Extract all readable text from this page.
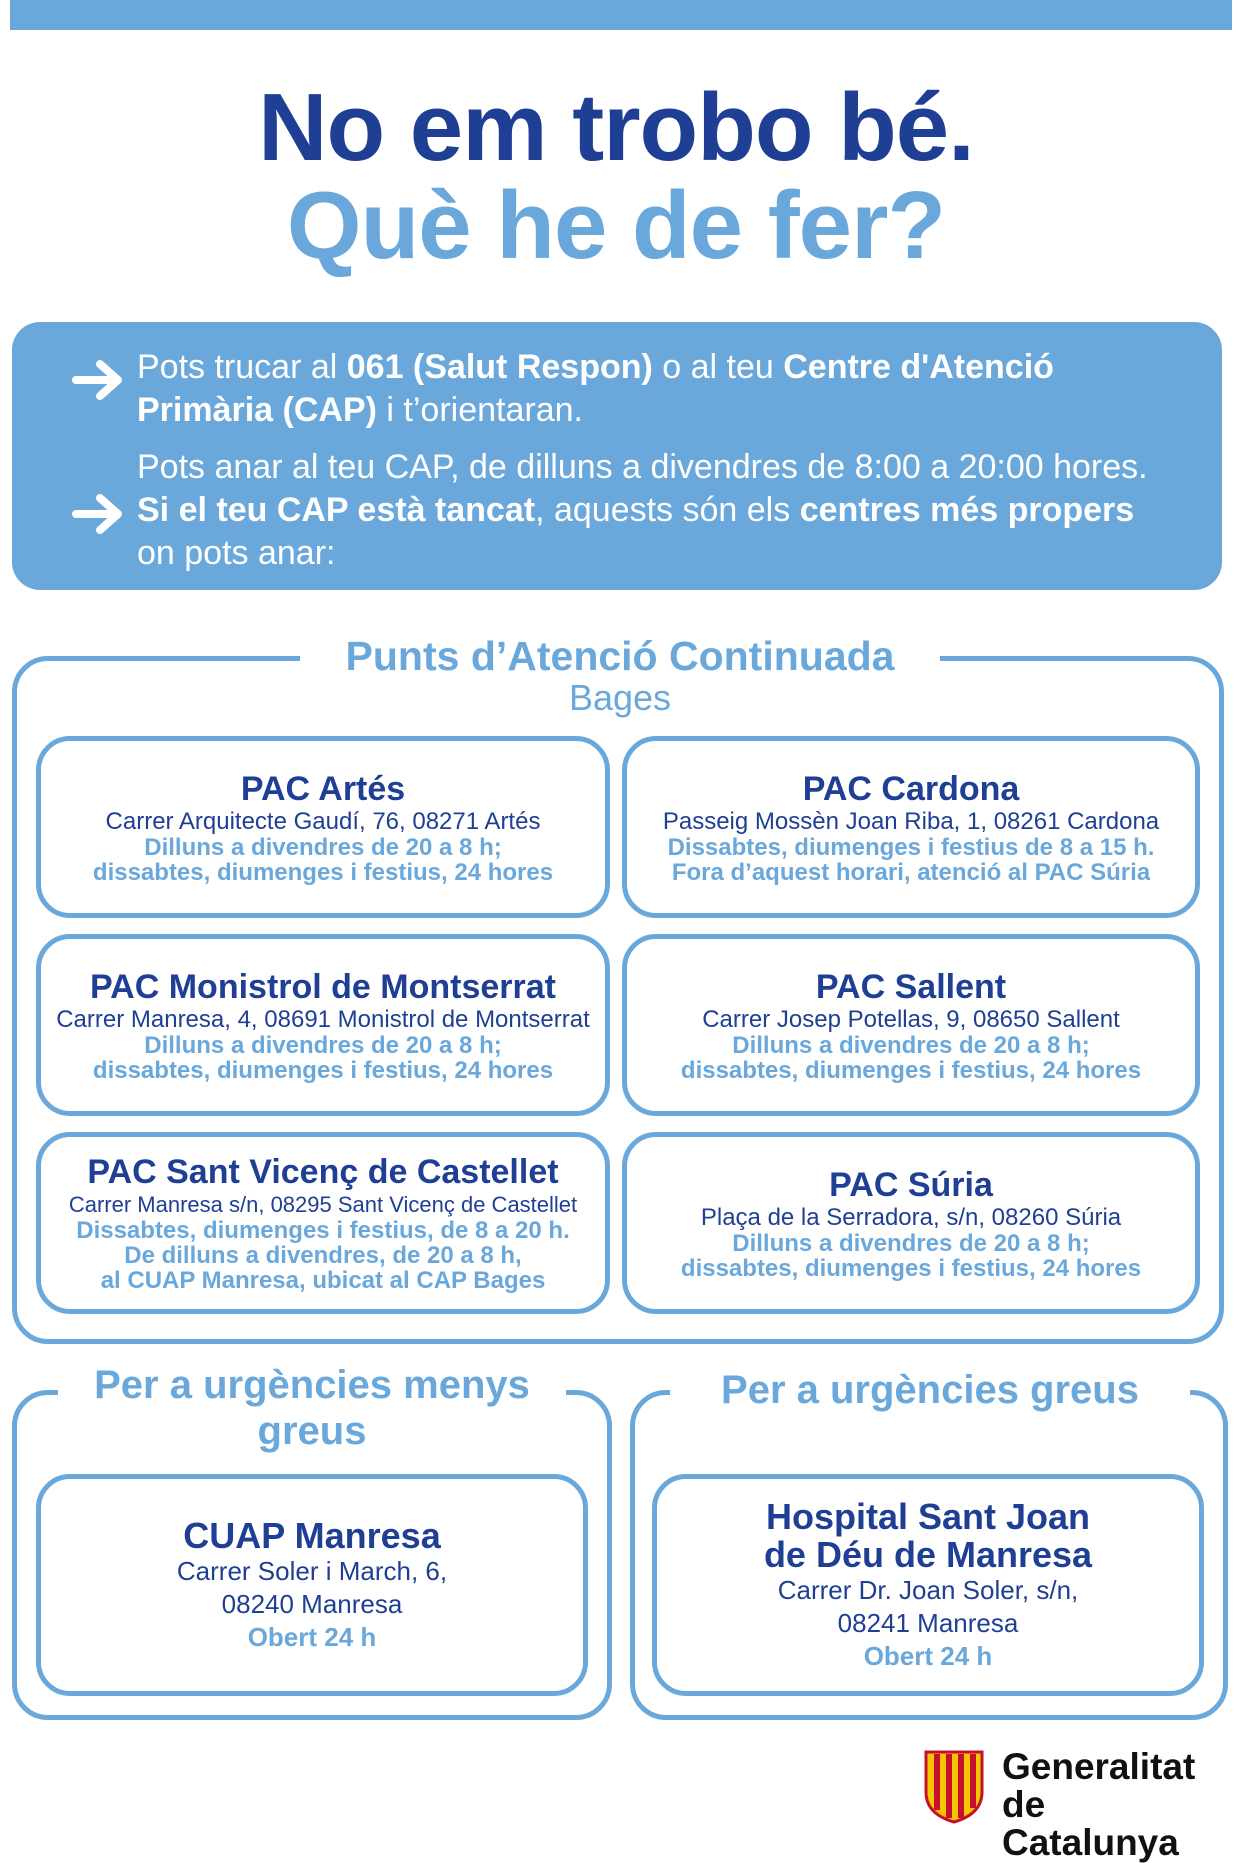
No em trobo bé.
Què he de fer?
Pots trucar al 061 (Salut Respon) o al teu Centre d'Atenció
Primària (CAP) i t’orientaran.
Pots anar al teu CAP, de dilluns a divendres de 8:00 a 20:00 hores.
Si el teu CAP està tancat, aquests són els centres més propers
on pots anar:
Punts d’Atenció Continuada
Bages
PAC Artés
Carrer Arquitecte Gaudí, 76, 08271 Artés
Dilluns a divendres de 20 a 8 h;
dissabtes, diumenges i festius, 24 hores
PAC Cardona
Passeig Mossèn Joan Riba, 1, 08261 Cardona
Dissabtes, diumenges i festius de 8 a 15 h.
Fora d’aquest horari, atenció al PAC Súria
PAC Monistrol de Montserrat
Carrer Manresa, 4, 08691 Monistrol de Montserrat
Dilluns a divendres de 20 a 8 h;
dissabtes, diumenges i festius, 24 hores
PAC Sallent
Carrer Josep Potellas, 9, 08650 Sallent
Dilluns a divendres de 20 a 8 h;
dissabtes, diumenges i festius, 24 hores
PAC Sant Vicenç de Castellet
Carrer Manresa s/n, 08295 Sant Vicenç de Castellet
Dissabtes, diumenges i festius, de 8 a 20 h.
De dilluns a divendres, de 20 a 8 h,
al CUAP Manresa, ubicat al CAP Bages
PAC Súria
Plaça de la Serradora, s/n, 08260 Súria
Dilluns a divendres de 20 a 8 h;
dissabtes, diumenges i festius, 24 hores
Per a urgències menys greus
CUAP Manresa
Carrer Soler i March, 6,
08240 Manresa
Obert 24 h
Per a urgències greus
Hospital Sant Joan
de Déu de Manresa
Carrer Dr. Joan Soler, s/n,
08241 Manresa
Obert 24 h
Generalitat
de Catalunya
